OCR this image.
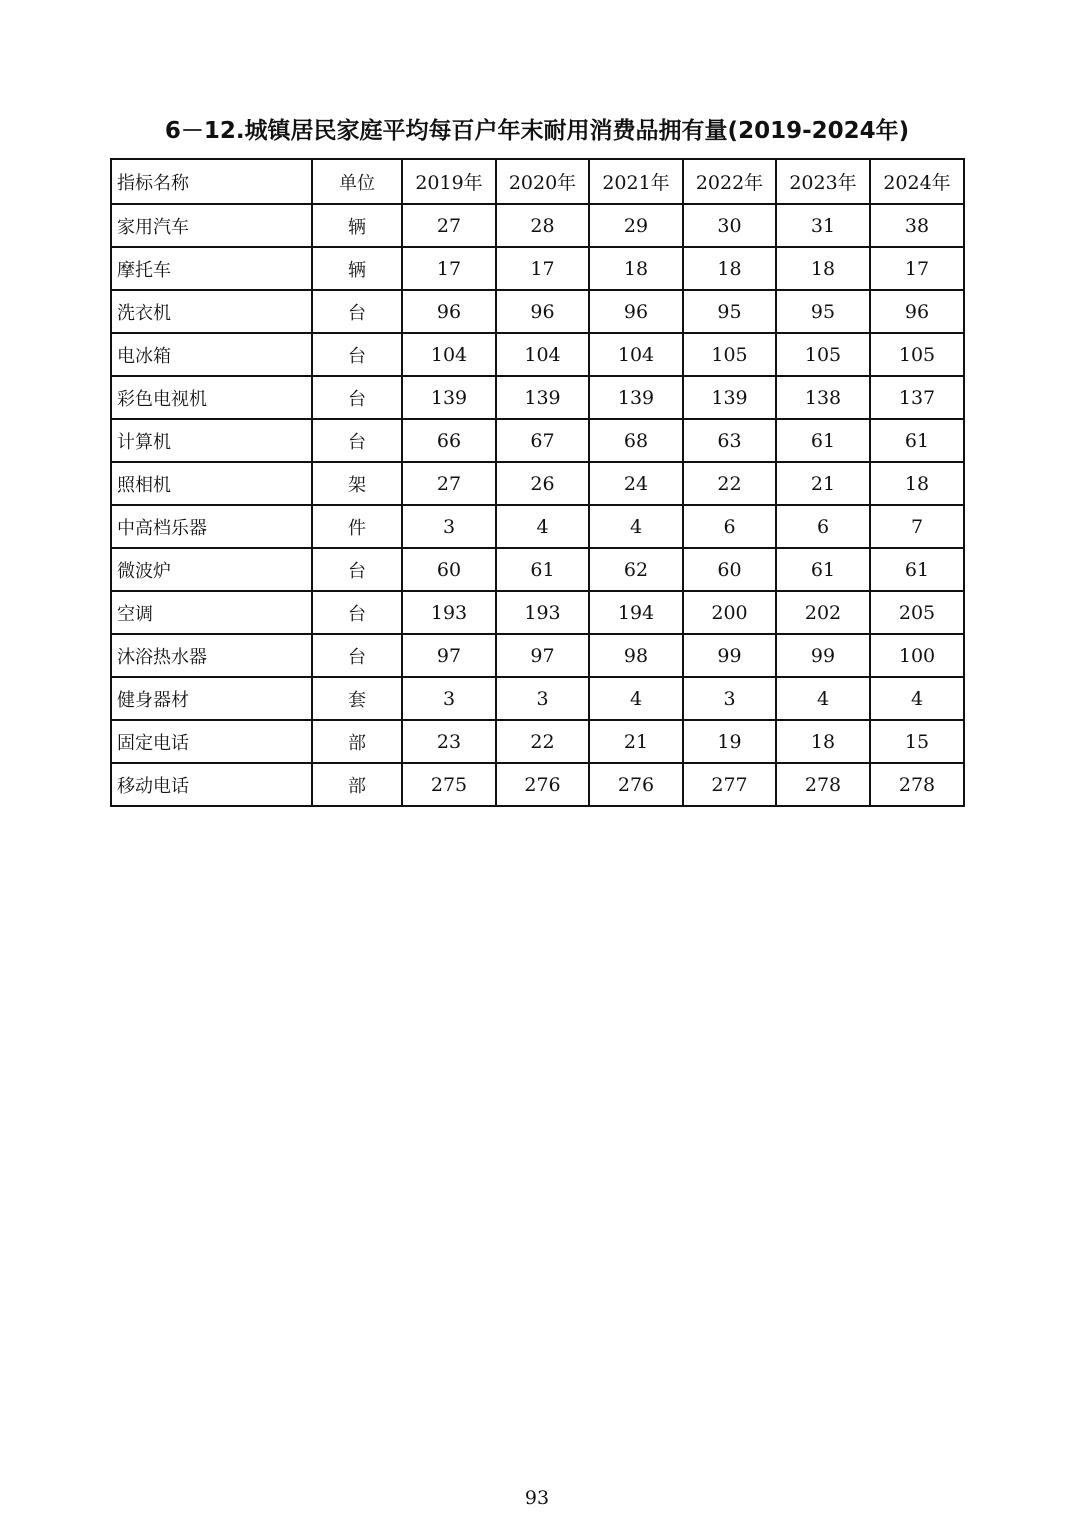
6－12.城镇居民家庭平均每百户年末耐用消费品拥有量(2019-2024年)
指标名称	单位	2019年	2020年	2021年	2022年	2023年	2024年
家用汽车	辆	27	28	29	30	31	38
摩托车	辆	17	17	18	18	18	17
洗衣机	台	96	96	96	95	95	96
电冰箱	台	104	104	104	105	105	105
彩色电视机	台	139	139	139	139	138	137
计算机	台	66	67	68	63	61	61
照相机	架	27	26	24	22	21	18
中高档乐器	件	3	4	4	6	6	7
微波炉	台	60	61	62	60	61	61
空调	台	193	193	194	200	202	205
沐浴热水器	台	97	97	98	99	99	100
健身器材	套	3	3	4	3	4	4
固定电话	部	23	22	21	19	18	15
移动电话	部	275	276	276	277	278	278
93
